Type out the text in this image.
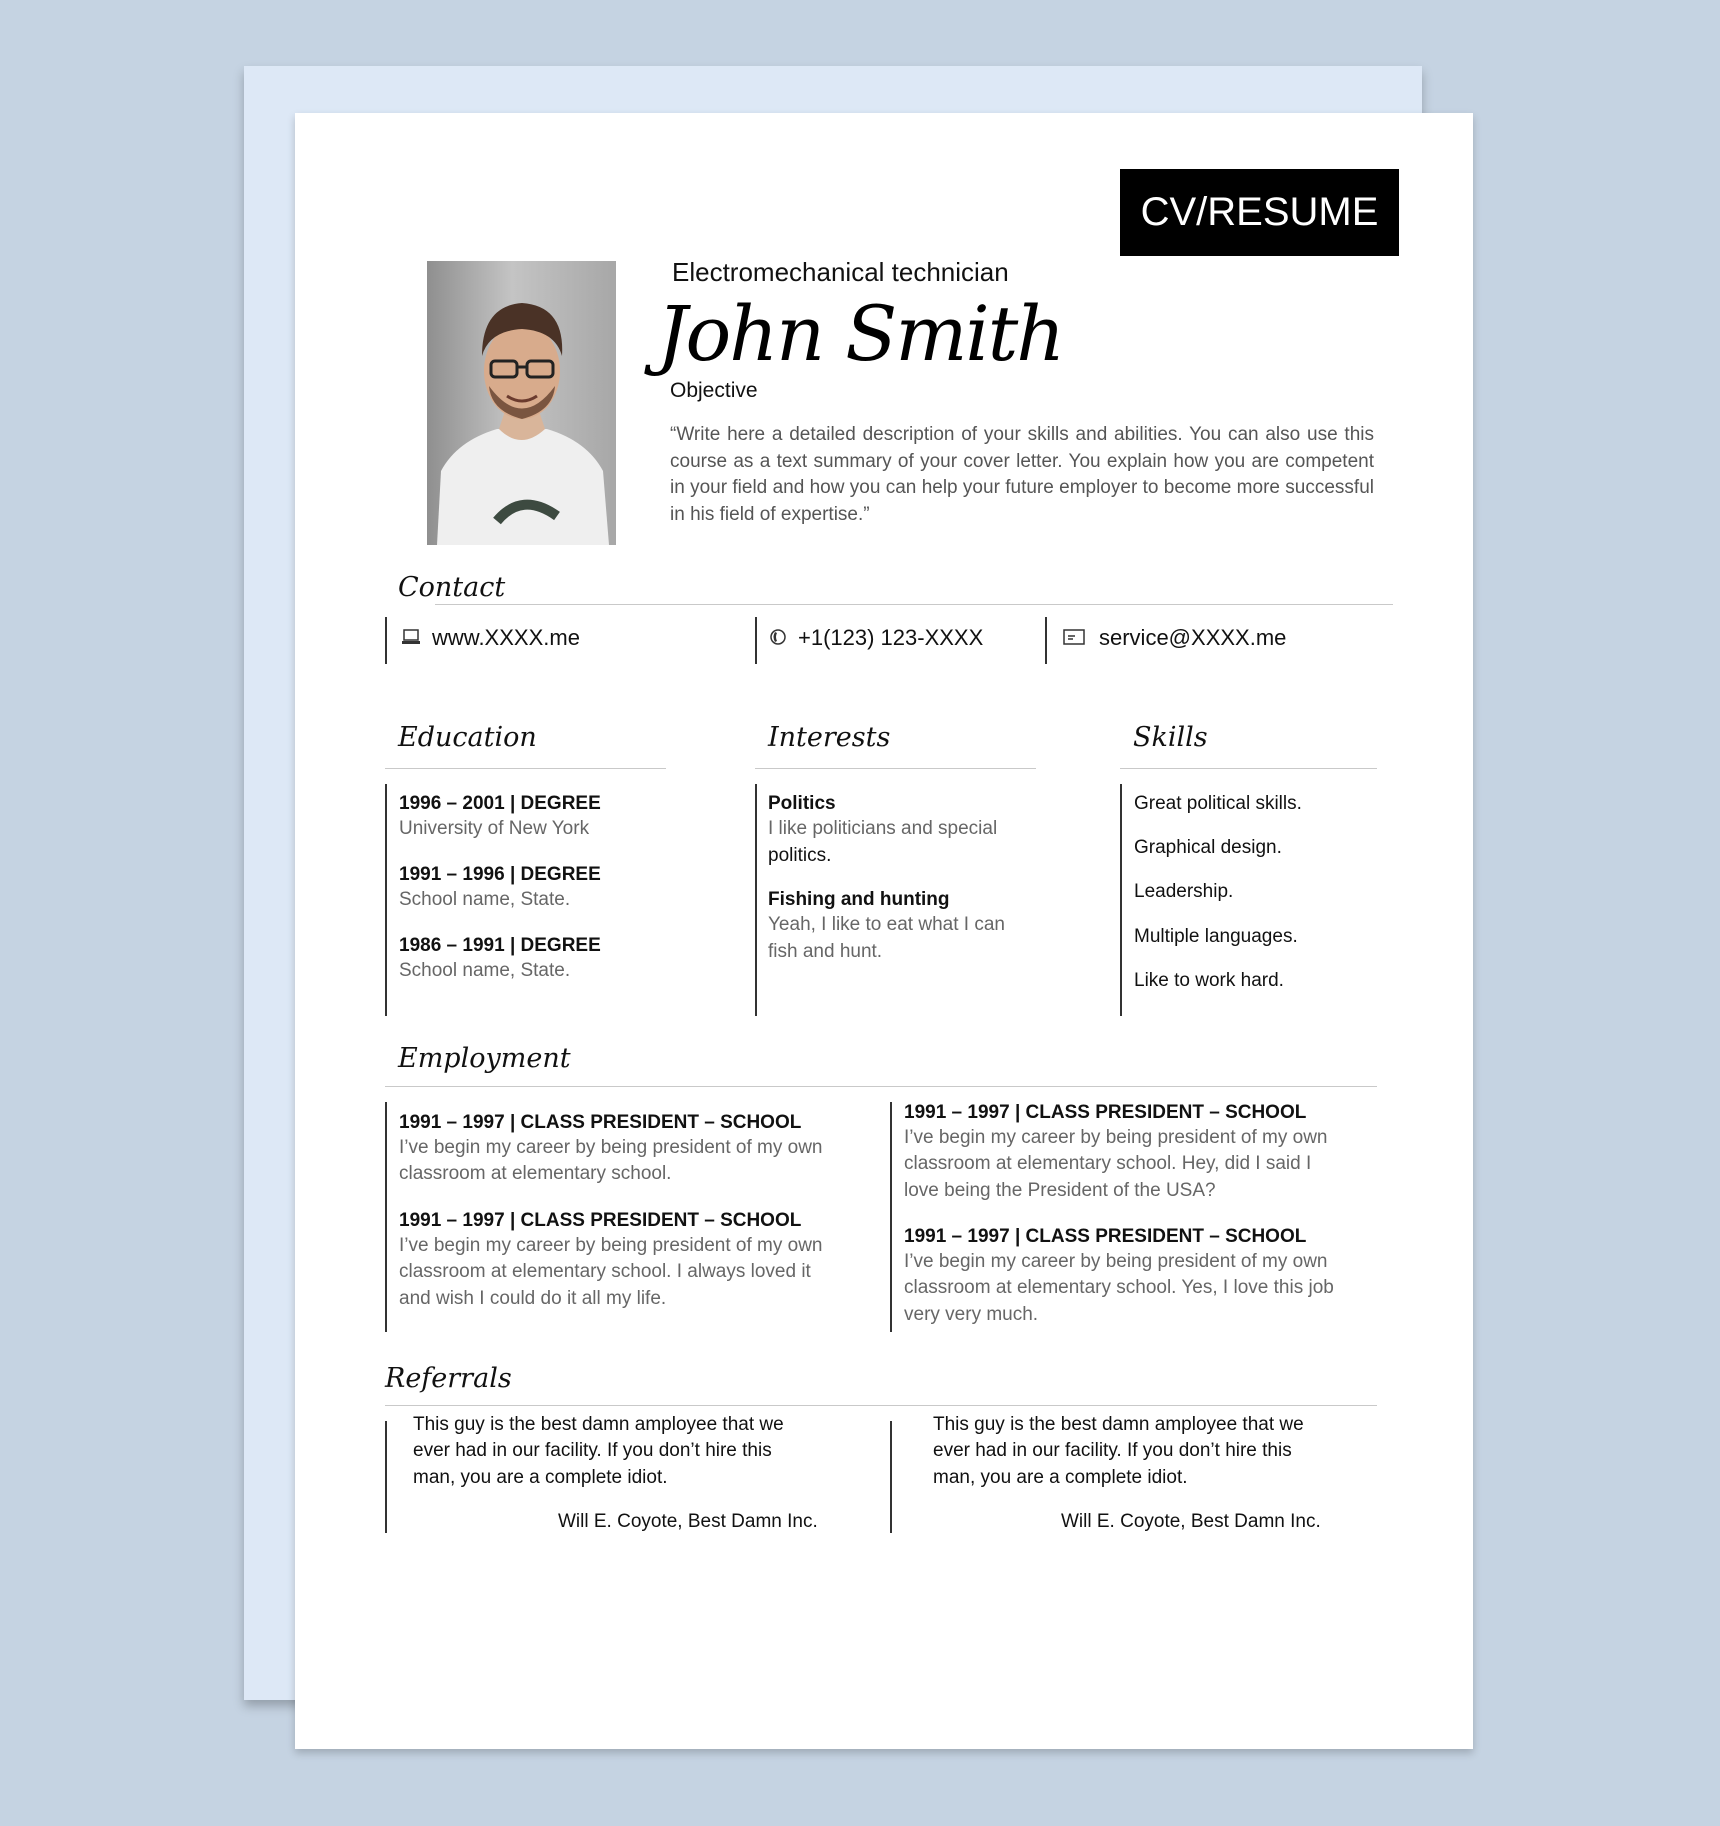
CV/RESUME
Electromechanical technician
John Smith
Objective
“Write here a detailed description of your skills and abilities. You can also use this course as a text summary of your cover letter. You explain how you are competent in your field and how you can help your future employer to become more successful in his field of expertise.”
Contact
www.XXXX.me	+1(123) 123-XXXX	service@XXXX.me
Education
1996 – 2001 | DEGREE
University of New York
1991 – 1996 | DEGREE
School name, State.
1986 – 1991 | DEGREE
School name, State.
Interests
Politics
I like politicians and special
politics.
Fishing and hunting
Yeah, I like to eat what I can
fish and hunt.
Skills
Great political skills.
Graphical design.
Leadership.
Multiple languages.
Like to work hard.
Employment
1991 – 1997 | CLASS PRESIDENT – SCHOOL
I’ve begin my career by being president of my own
classroom at elementary school.
1991 – 1997 | CLASS PRESIDENT – SCHOOL
I’ve begin my career by being president of my own
classroom at elementary school. I always loved it
and wish I could do it all my life.
1991 – 1997 | CLASS PRESIDENT – SCHOOL
I’ve begin my career by being president of my own
classroom at elementary school. Hey, did I said I
love being the President of the USA?
1991 – 1997 | CLASS PRESIDENT – SCHOOL
I’ve begin my career by being president of my own
classroom at elementary school. Yes, I love this job
very very much.
Referrals
This guy is the best damn amployee that we
ever had in our facility. If you don’t hire this
man, you are a complete idiot.
Will E. Coyote, Best Damn Inc.
This guy is the best damn amployee that we
ever had in our facility. If you don’t hire this
man, you are a complete idiot.
Will E. Coyote, Best Damn Inc.
